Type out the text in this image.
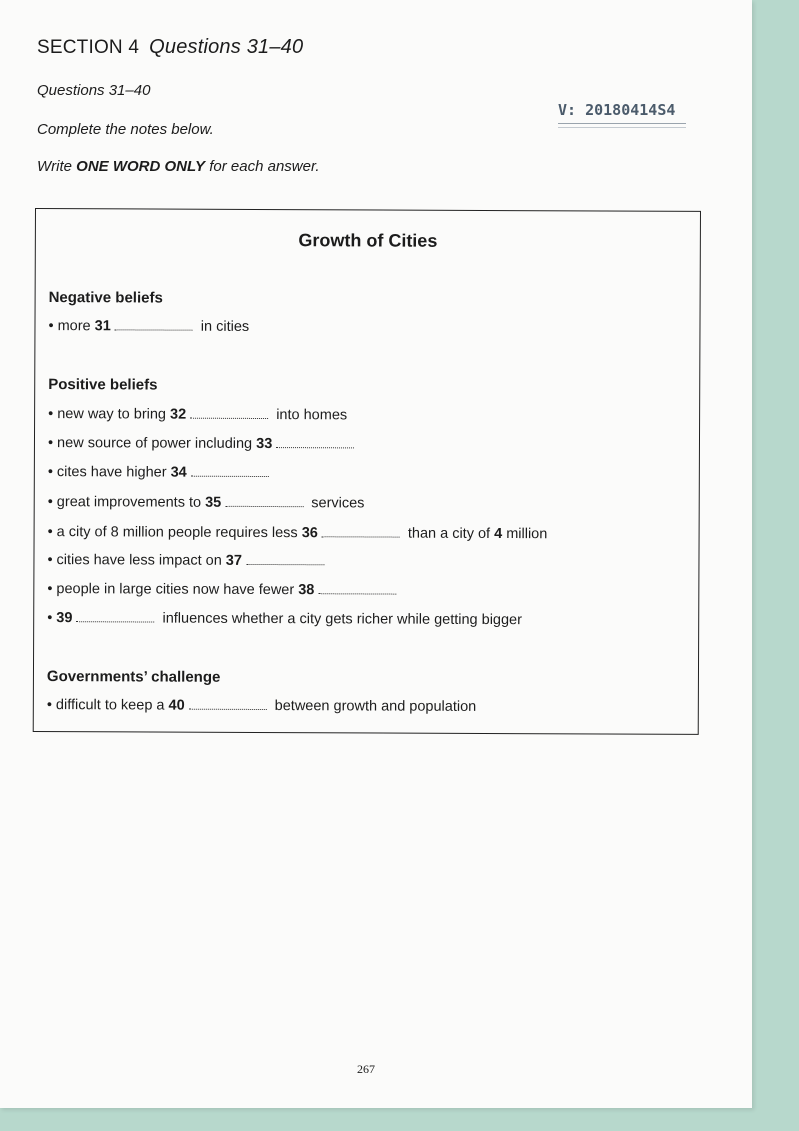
SECTION 4 Questions 31–40
Questions 31–40
Complete the notes below.
Write ONE WORD ONLY for each answer.
V: 20180414S4
Growth of Cities
Negative beliefs
• more 31	in cities
Positive beliefs
• new way to bring 32	into homes
• new source of power including 33
• cites have higher 34
• great improvements to 35	services
• a city of 8 million people requires less 36	than a city of 4 million
• cities have less impact on 37
• people in large cities now have fewer 38
• 39	influences whether a city gets richer while getting bigger
Governments’ challenge
• difficult to keep a 40	between growth and population
267
